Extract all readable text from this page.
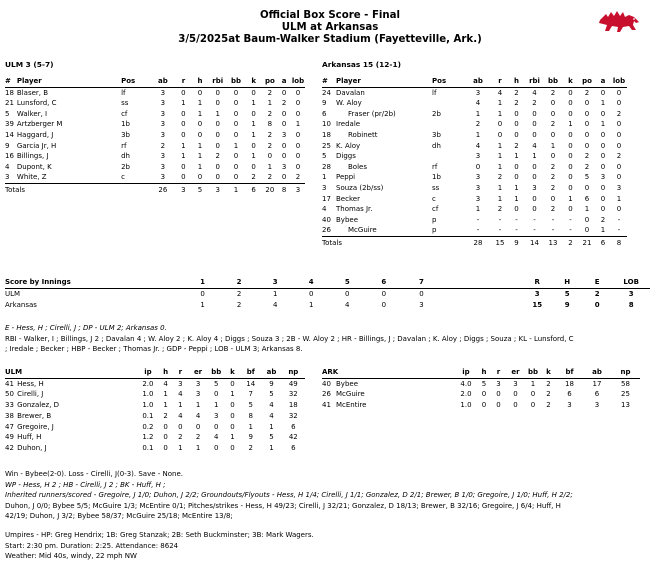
Official Box Score - Final
ULM at Arkansas
3/5/2025at Baum-Walker Stadium (Fayetteville, Ark.)
ULM 3 (5-7)
#	Player	Pos	ab	r	h	rbi	bb	k	po	a	lob
18	Blaser, B	lf	3	0	0	0	0	0	2	0	0
21	Lunsford, C	ss	3	1	1	0	0	1	1	2	0
5	Walker, I	cf	3	0	1	1	0	0	2	0	0
39	Artzberger M	1b	3	0	0	0	0	1	8	0	1
14	Haggard, J	3b	3	0	0	0	0	1	2	3	0
9	Garcia Jr, H	rf	2	1	1	0	1	0	2	0	0
16	Billings, J	dh	3	1	1	2	0	1	0	0	0
4	Dupont, K	2b	3	0	1	0	0	0	1	3	0
3	White, Z	c	3	0	0	0	0	2	2	0	2
Totals			26	3	5	3	1	6	20	8	3
Arkansas 15 (12-1)
#	Player	Pos	ab	r	h	rbi	bb	k	po	a	lob
24	Davalan	lf	3	4	2	4	2	0	2	0	0
9	W. Aloy		4	1	2	2	0	0	0	1	0
6	Fraser (pr/2b)	2b	1	1	0	0	0	0	0	0	2
10	Iredale		2	0	0	0	2	1	0	1	0
18	Robinett	3b	1	0	0	0	0	0	0	0	0
25	K. Aloy	dh	4	1	2	4	1	0	0	0	0
5	Diggs		3	1	1	1	0	0	2	0	2
28	Boles	rf	0	1	0	0	2	0	2	0	0
1	Peppi	1b	3	2	0	0	2	0	5	3	0
3	Souza (2b/ss)	ss	3	1	1	3	2	0	0	0	3
17	Becker	c	3	1	1	0	0	1	6	0	1
4	Thomas Jr.	cf	1	2	0	0	2	0	1	0	0
40	Bybee	p	-	-	-	-	-	-	0	2	-
26	McGuire	p	-	-	-	-	-	-	0	1	-
Totals			28	15	9	14	13	2	21	6	8
Score by Innings	1	2	3	4	5	6	7		R	H	E	LOB
ULM	0	2	1	0	0	0	0		3	5	2	3
Arkansas	1	2	4	1	4	0	3		15	9	0	8
E - Hess, H ; Cirelli, J ; DP - ULM 2; Arkansas 0.
RBI - Walker, I ; Billings, J 2 ; Davalan 4 ; W. Aloy 2 ; K. Aloy 4 ; Diggs ; Souza 3 ; 2B - W. Aloy 2 ; HR - Billings, J ; Davalan ; K. Aloy ; Diggs ; Souza ; KL - Lunsford, C
; Iredale ; Becker ; HBP - Becker ; Thomas Jr. ; GDP - Peppi ; LOB - ULM 3; Arkansas 8.
ULM		ip	h	r	er	bb	k	bf	ab	np
41	Hess, H	2.0	4	3	3	5	0	14	9	49
50	Cirelli, J	1.0	1	4	3	0	1	7	5	32
33	Gonzalez, D	1.0	1	1	1	1	0	5	4	18
38	Brewer, B	0.1	2	4	4	3	0	8	4	32
47	Gregoire, J	0.2	0	0	0	0	0	1	1	6
49	Huff, H	1.2	0	2	2	4	1	9	5	42
42	Duhon, J	0.1	0	1	1	0	0	2	1	6
ARK		ip	h	r	er	bb	k	bf	ab	np
40	Bybee	4.0	5	3	3	1	2	18	17	58
26	McGuire	2.0	0	0	0	0	2	6	6	25
41	McEntire	1.0	0	0	0	0	2	3	3	13
Win - Bybee(2-0). Loss - Cirelli, J(0-3). Save - None.
WP - Hess, H 2 ; HB - Cirelli, J 2 ; BK - Huff, H ;
Inherited runners/scored - Gregoire, J 1/0; Duhon, J 2/2; Groundouts/Flyouts - Hess, H 1/4; Cirelli, J 1/1; Gonzalez, D 2/1; Brewer, B 1/0; Gregoire, J 1/0; Huff, H 2/2;
Duhon, J 0/0; Bybee 5/5; McGuire 1/3; McEntire 0/1; Pitches/strikes - Hess, H 49/23; Cirelli, J 32/21; Gonzalez, D 18/13; Brewer, B 32/16; Gregoire, J 6/4; Huff, H
42/19; Duhon, J 3/2; Bybee 58/37; McGuire 25/18; McEntire 13/8;
Umpires - HP: Greg Hendrix; 1B: Greg Stanzak; 2B: Seth Buckminster; 3B: Mark Wagers.
Start: 2:30 pm. Duration: 2:25. Attendance: 8624
Weather: Mid 40s, windy, 22 mph NW
